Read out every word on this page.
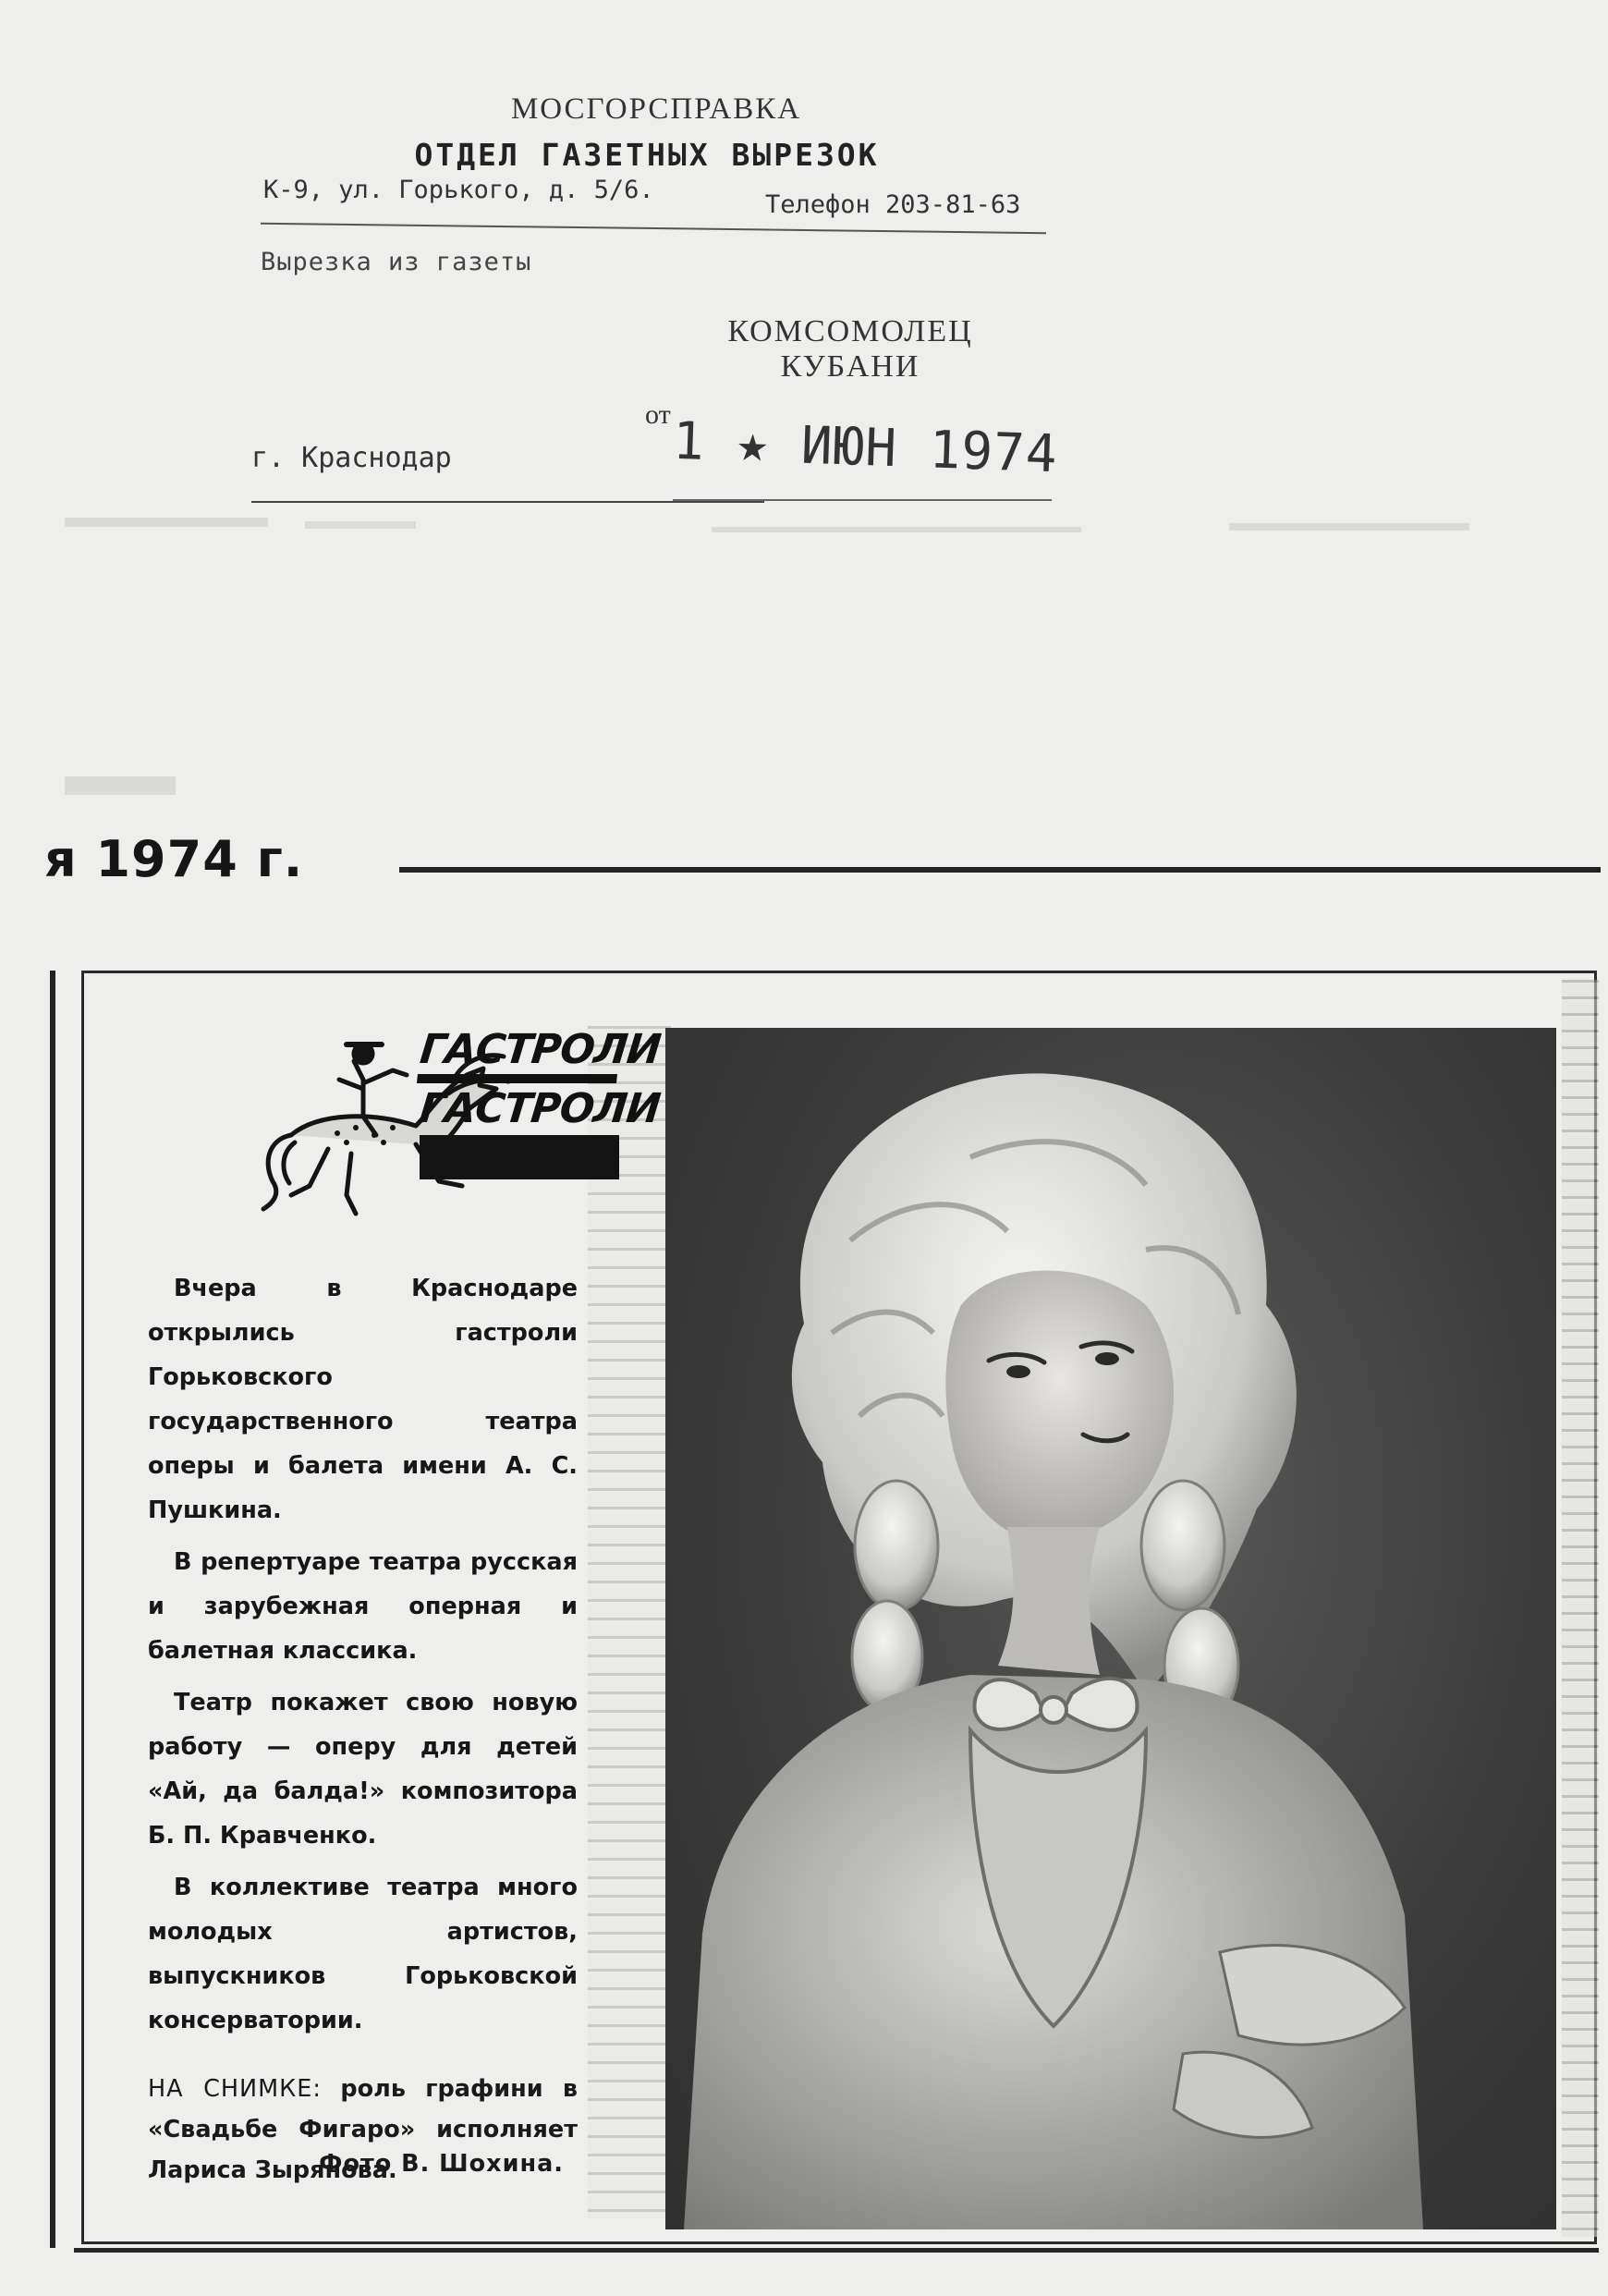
МОСГОРСПРАВКА
ОТДЕЛ ГАЗЕТНЫХ ВЫРЕЗОК
К-9, ул. Горького, д. 5/6.
Телефон 203-81-63
Вырезка из газеты
КОМСОМОЛЕЦ
КУБАНИ
г. Краснодар
от 1 ★ ИЮН 1974
я 1974 г.
ГАСТРОЛИ
ГАСТРОЛИ

Вчера в Краснодаре открылись гастроли Горьковского государственного театра оперы и балета имени А. С. Пушкина.

В репертуаре театра русская и зарубежная оперная и балетная классика.

Театр покажет свою новую работу — оперу для детей «Ай, да балда!» композитора Б. П. Кравченко.

В коллективе театра много молодых артистов, выпускников Горьковской консерватории.

НА СНИМКЕ: роль графини в «Свадьбе Фигаро» исполняет Лариса Зырянова.
Фото В. Шохина.
